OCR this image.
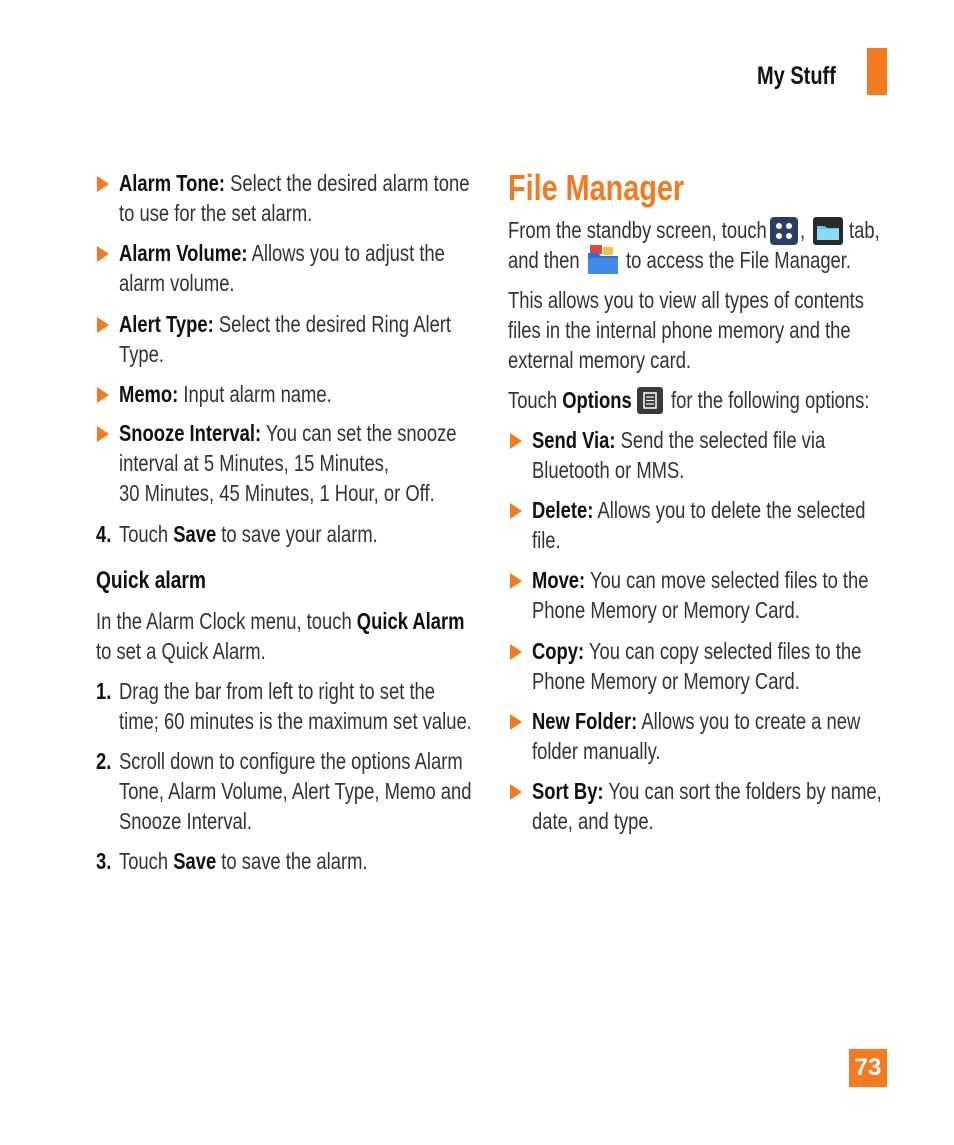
My Stuff
Alarm Tone: Select the desired alarm tone
to use for the set alarm.
Alarm Volume: Allows you to adjust the
alarm volume.
Alert Type: Select the desired Ring Alert
Type.
Memo: Input alarm name.
Snooze Interval: You can set the snooze
interval at 5 Minutes, 15 Minutes,
30 Minutes, 45 Minutes, 1 Hour, or Off.
4. Touch Save to save your alarm.
Quick alarm
In the Alarm Clock menu, touch Quick Alarm
to set a Quick Alarm.
1. Drag the bar from left to right to set the
time; 60 minutes is the maximum set value.
2. Scroll down to configure the options Alarm
Tone, Alarm Volume, Alert Type, Memo and
Snooze Interval.
3. Touch Save to save the alarm.
File Manager
From the standby screen, touch	, tab,
and then	to access the File Manager.
This allows you to view all types of contents
files in the internal phone memory and the
external memory card.
Touch Options	for the following options:
Send Via: Send the selected file via
Bluetooth or MMS.
Delete: Allows you to delete the selected
file.
Move: You can move selected files to the
Phone Memory or Memory Card.
Copy: You can copy selected files to the
Phone Memory or Memory Card.
New Folder: Allows you to create a new
folder manually.
Sort By: You can sort the folders by name,
date, and type.
73
